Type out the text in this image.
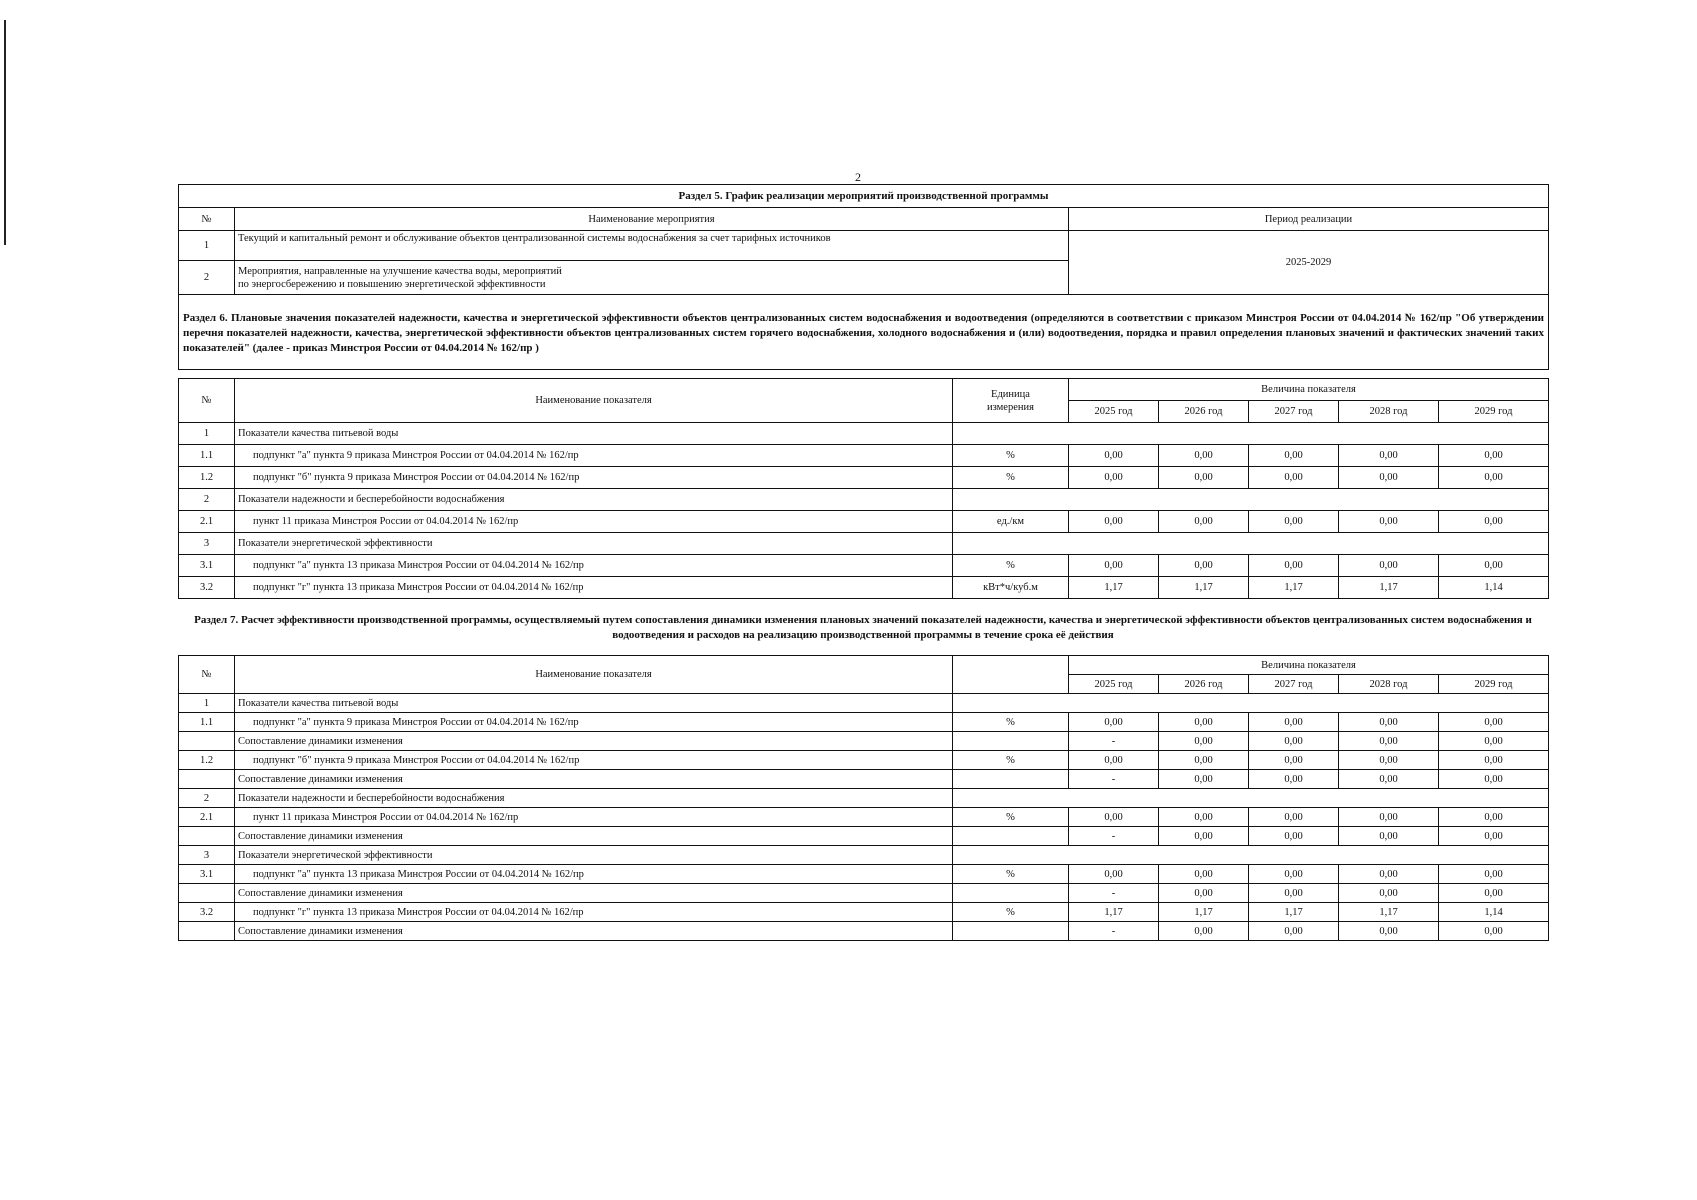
2
Раздел 5. График реализации мероприятий производственной программы		
№	Наименование мероприятия	Период реализации
1	Текущий и капитальный ремонт и обслуживание объектов централизованной системы водоснабжения за счет тарифных источников	2025-2029
2	Мероприятия, направленные на улучшение качества воды, мероприятий
по энергосбережению и повышению энергетической эффективности	

Раздел 6. Плановые значения показателей надежности, качества и энергетической эффективности объектов централизованных систем водоснабжения и водоотведения (определяются в соответствии с приказом Минстроя России от 04.04.2014 № 162/пр "Об утверждении перечня показателей надежности, качества, энергетической эффективности объектов централизованных систем горячего водоснабжения, холодного водоснабжения и (или) водоотведения, порядка и правил определения плановых значений и фактических значений таких показателей" (далее - приказ Минстроя России от 04.04.2014 № 162/пр )		
№	Наименование показателя	Единица
измерения	Величина показателя				
			2025 год	2026 год	2027 год	2028 год	2029 год
1	Показатели качества питьевой воды						
1.1	подпункт "а" пункта 9 приказа Минстроя России от 04.04.2014 № 162/пр	%	0,00	0,00	0,00	0,00	0,00
1.2	подпункт "б" пункта 9 приказа Минстроя России от 04.04.2014 № 162/пр	%	0,00	0,00	0,00	0,00	0,00
2	Показатели надежности и бесперебойности водоснабжения						
2.1	пункт 11 приказа Минстроя России от 04.04.2014 № 162/пр	ед./км	0,00	0,00	0,00	0,00	0,00
3	Показатели энергетической эффективности						
3.1	подпункт "а" пункта 13 приказа Минстроя России от 04.04.2014 № 162/пр	%	0,00	0,00	0,00	0,00	0,00
3.2	подпункт "г" пункта 13 приказа Минстроя России от 04.04.2014 № 162/пр	кВт*ч/куб.м	1,17	1,17	1,17	1,17	1,14
Раздел 7. Расчет эффективности производственной программы, осуществляемый путем сопоставления динамики изменения плановых значений показателей надежности, качества и энергетической эффективности объектов централизованных систем водоснабжения и водоотведения и расходов на реализацию производственной программы в течение срока её действия
№	Наименование показателя		Величина показателя				
			2025 год	2026 год	2027 год	2028 год	2029 год
1	Показатели качества питьевой воды						
1.1	подпункт "а" пункта 9 приказа Минстроя России от 04.04.2014 № 162/пр	%	0,00	0,00	0,00	0,00	0,00
	Сопоставление динамики изменения		-	0,00	0,00	0,00	0,00
1.2	подпункт "б" пункта 9 приказа Минстроя России от 04.04.2014 № 162/пр	%	0,00	0,00	0,00	0,00	0,00
	Сопоставление динамики изменения		-	0,00	0,00	0,00	0,00
2	Показатели надежности и бесперебойности водоснабжения						
2.1	пункт 11 приказа Минстроя России от 04.04.2014 № 162/пр	%	0,00	0,00	0,00	0,00	0,00
	Сопоставление динамики изменения		-	0,00	0,00	0,00	0,00
3	Показатели энергетической эффективности						
3.1	подпункт "а" пункта 13 приказа Минстроя России от 04.04.2014 № 162/пр	%	0,00	0,00	0,00	0,00	0,00
	Сопоставление динамики изменения		-	0,00	0,00	0,00	0,00
3.2	подпункт "г" пункта 13 приказа Минстроя России от 04.04.2014 № 162/пр	%	1,17	1,17	1,17	1,17	1,14
	Сопоставление динамики изменения		-	0,00	0,00	0,00	0,00
